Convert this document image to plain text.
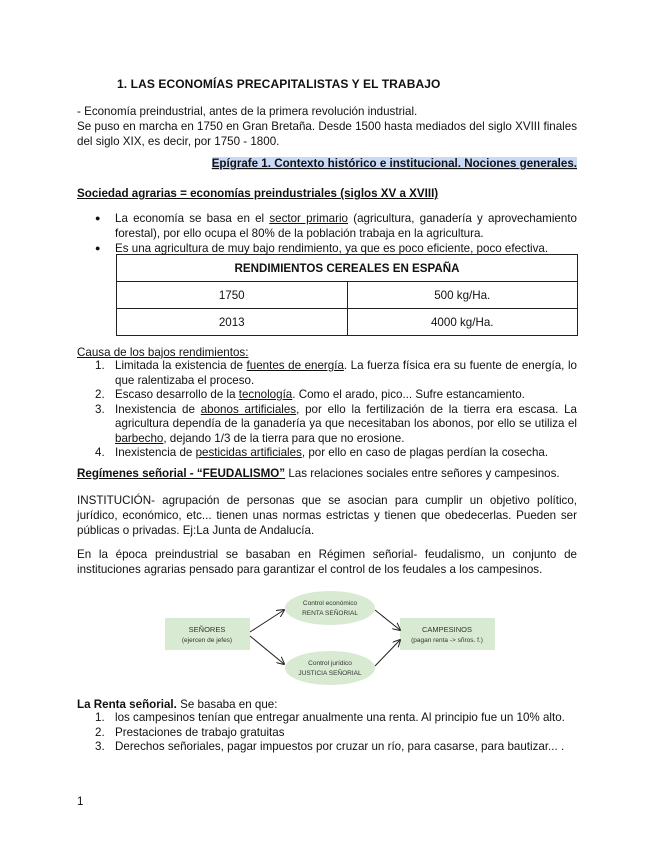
1. LAS ECONOMÍAS PRECAPITALISTAS Y EL TRABAJO
- Economía preindustrial, antes de la primera revolución industrial.
Se puso en marcha en 1750 en Gran Bretaña. Desde 1500 hasta mediados del siglo XVIII finales del siglo XIX, es decir, por 1750 - 1800.
Epígrafe 1. Contexto histórico e institucional. Nociones generales.
Sociedad agrarias = economías preindustriales (siglos XV a XVIII)
● La economía se basa en el sector primario (agricultura, ganadería y aprovechamiento forestal), por ello ocupa el 80% de la población trabaja en la agricultura.
● Es una agricultura de muy bajo rendimiento, ya que es poco eficiente, poco efectiva.
RENDIMIENTOS CEREALES EN ESPAÑA	
1750	500 kg/Ha.
2013	4000 kg/Ha.
Causa de los bajos rendimientos:
1. Limitada la existencia de fuentes de energía. La fuerza física era su fuente de energía, lo que ralentizaba el proceso.
2. Escaso desarrollo de la tecnología. Como el arado, pico... Sufre estancamiento.
3. Inexistencia de abonos artificiales, por ello la fertilización de la tierra era escasa. La agricultura dependía de la ganadería ya que necesitaban los abonos, por ello se utiliza el barbecho, dejando 1/3 de la tierra para que no erosione.
4. Inexistencia de pesticidas artificiales, por ello en caso de plagas perdían la cosecha.
Regímenes señorial - “FEUDALISMO” Las relaciones sociales entre señores y campesinos.
INSTITUCIÓN- agrupación de personas que se asocian para cumplir un objetivo político, jurídico, económico, etc... tienen unas normas estrictas y tienen que obedecerlas. Pueden ser públicas o privadas. Ej:La Junta de Andalucía.
En la época preindustrial se basaban en Régimen señorial- feudalismo, un conjunto de instituciones agrarias pensado para garantizar el control de los feudales a los campesinos.
SEÑORES
(ejercen de jefes)
Control económico
RENTA SEÑORIAL
Control jurídico
JUSTICIA SEÑORIAL
CAMPESINOS
(pagan renta -> sñros. f.)
La Renta señorial. Se basaba en que:
1. los campesinos tenían que entregar anualmente una renta. Al principio fue un 10% alto.
2. Prestaciones de trabajo gratuitas
3. Derechos señoriales, pagar impuestos por cruzar un río, para casarse, para bautizar... .
1
